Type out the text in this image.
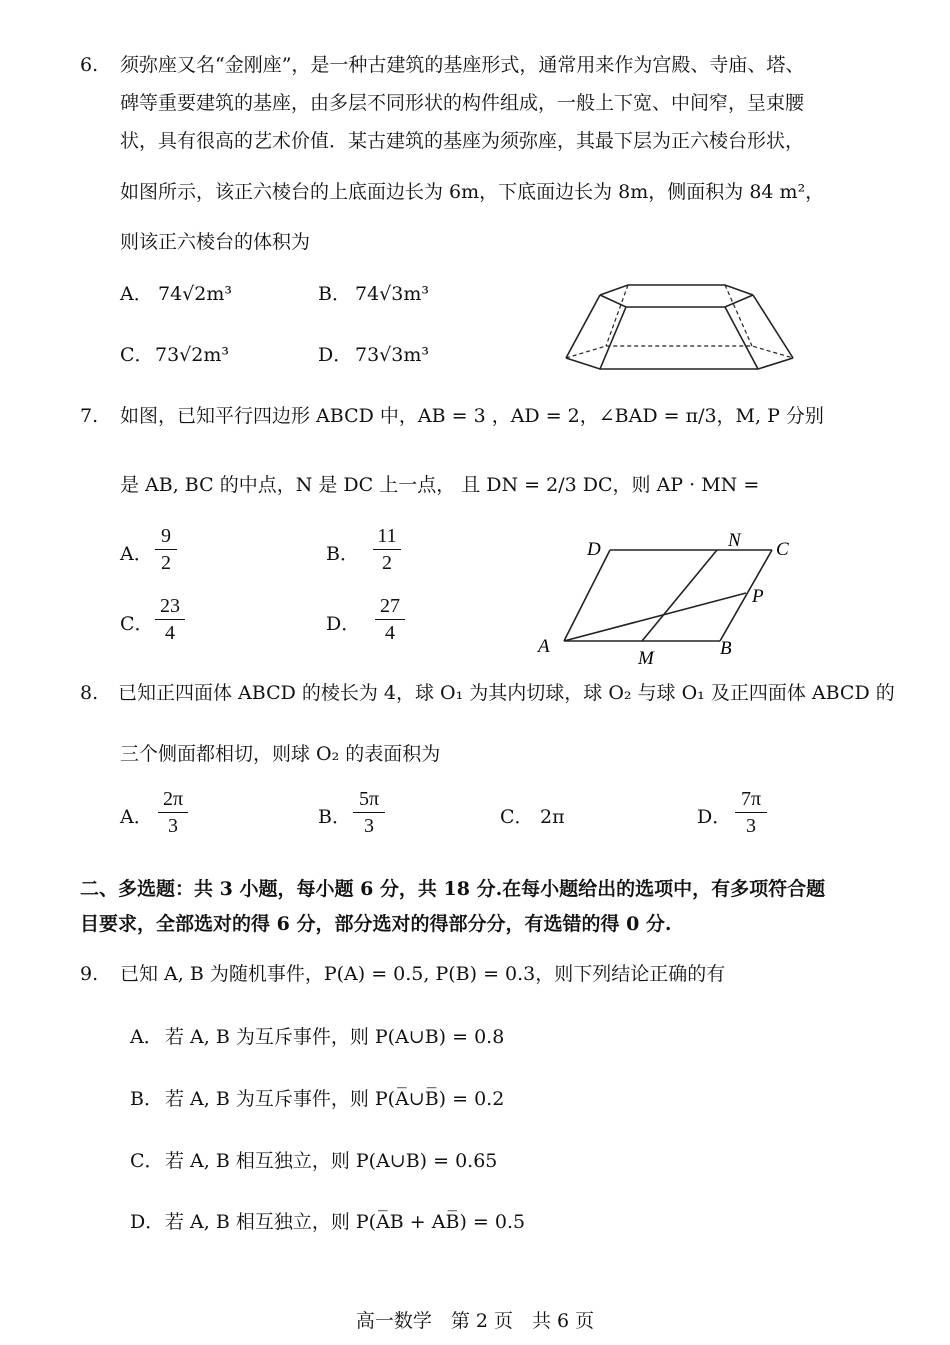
6. 须弥座又名“金刚座”，是一种古建筑的基座形式，通常用来作为宫殿、寺庙、塔、
碑等重要建筑的基座，由多层不同形状的构件组成，一般上下宽、中间窄，呈束腰
状，具有很高的艺术价值．某古建筑的基座为须弥座，其最下层为正六棱台形状，
如图所示，该正六棱台的上底面边长为 6m，下底面边长为 8m，侧面积为 84 m²，
则该正六棱台的体积为
A． 74√2m³	B． 74√3m³
C． 73√2m³	D． 73√3m³
7. 如图，已知平行四边形 ABCD 中，AB = 3 ，AD = 2，∠BAD = π/3，M, P 分别
是 AB, BC 的中点，N 是 DC 上一点， 且 DN = 2/3 DC，则 AP · MN =
A．
9
2	B．
11
2
C．
23
4	D．
27
4
D	N C
P
A
M	B
8. 已知正四面体 ABCD 的棱长为 4，球 O₁ 为其内切球，球 O₂ 与球 O₁ 及正四面体 ABCD 的
三个侧面都相切，则球 O₂ 的表面积为
A．
2π
3	B．
5π
3	C． 2π	D．
7π
3
二、多选题：共 3 小题，每小题 6 分，共 18 分.在每小题给出的选项中，有多项符合题
目要求，全部选对的得 6 分，部分选对的得部分分，有选错的得 0 分.
9. 已知 A, B 为随机事件，P(A) = 0.5, P(B) = 0.3，则下列结论正确的有
A． 若 A, B 为互斥事件，则 P(A∪B) = 0.8
B． 若 A, B 为互斥事件，则 P(A̅∪B̅) = 0.2
C． 若 A, B 相互独立，则 P(A∪B) = 0.65
D． 若 A, B 相互独立，则 P(A̅B + AB̅) = 0.5
高一数学　第 2 页　共 6 页
